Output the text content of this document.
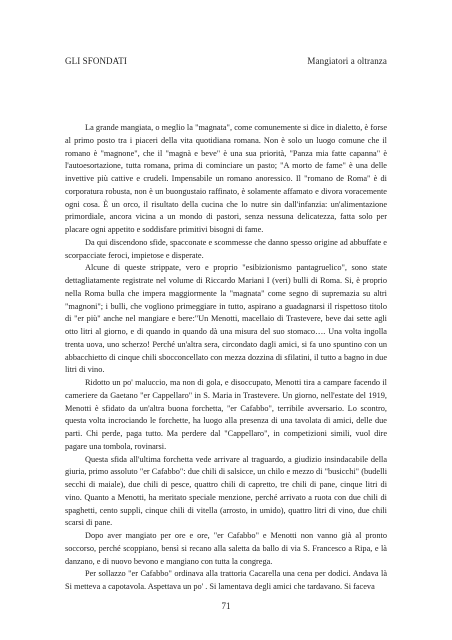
GLI SFONDATI	Mangiatori a oltranza

La grande mangiata, o meglio la "magnata", come comunemente si dice in dialetto, è forse al primo posto tra i piaceri della vita quotidiana romana. Non è solo un luogo comune che il romano è "magnone", che il "magnà e beve" è una sua priorità, "Panza mia fatte capanna" è l'autoesortazione, tutta romana, prima di cominciare un pasto; "A morto de fame" è una delle invettive più cattive e crudeli. Impensabile un romano anoressico. Il "romano de Roma" è di corporatura robusta, non è un buongustaio raffinato, è solamente affamato e divora voracemente ogni cosa. È un orco, il risultato della cucina che lo nutre sin dall'infanzia: un'alimentazione primordiale, ancora vicina a un mondo di pastori, senza nessuna delicatezza, fatta solo per placare ogni appetito e soddisfare primitivi bisogni di fame.

Da qui discendono sfide, spacconate e scommesse che danno spesso origine ad abbuffate e scorpacciate feroci, impietose e disperate.

Alcune di queste strippate, vero e proprio "esibizionismo pantagruelico", sono state dettagliatamente registrate nel volume di Riccardo Mariani I (veri) bulli di Roma. Si, è proprio nella Roma bulla che impera maggiormente la "magnata" come segno di supremazia su altri "magnoni"; i bulli, che vogliono primeggiare in tutto, aspirano a guadagnarsi il rispettoso titolo di "er più" anche nel mangiare e bere:"Un Menotti, macellaio di Trastevere, beve dai sette agli otto litri al giorno, e di quando in quando dà una misura del suo stomaco…. Una volta ingolla trenta uova, uno scherzo! Perché un'altra sera, circondato dagli amici, si fa uno spuntino con un abbacchietto di cinque chili sbocconcellato con mezza dozzina di sfilatini, il tutto a bagno in due litri di vino.

Ridotto un po' maluccio, ma non di gola, e disoccupato, Menotti tira a campare facendo il cameriere da Gaetano "er Cappellaro" in S. Maria in Trastevere. Un giorno, nell'estate del 1919, Menotti è sfidato da un'altra buona forchetta, "er Cafabbo", terribile avversario. Lo scontro, questa volta incrociando le forchette, ha luogo alla presenza di una tavolata di amici, delle due parti. Chi perde, paga tutto. Ma perdere dal "Cappellaro", in competizioni simili, vuol dire pagare una tombola, rovinarsi.

Questa sfida all'ultima forchetta vede arrivare al traguardo, a giudizio insindacabile della giuria, primo assoluto "er Cafabbo": due chili di salsicce, un chilo e mezzo di "busicchi" (budelli secchi di maiale), due chili di pesce, quattro chili di capretto, tre chili di pane, cinque litri di vino. Quanto a Menotti, ha meritato speciale menzione, perché arrivato a ruota con due chili di spaghetti, cento suppli, cinque chili di vitella (arrosto, in umido), quattro litri di vino, due chili scarsi di pane.

Dopo aver mangiato per ore e ore, "er Cafabbo" e Menotti non vanno già al pronto soccorso, perché scoppiano, bensì si recano alla saletta da ballo di via S. Francesco a Ripa, e là danzano, e di nuovo bevono e mangiano con tutta la congrega.

Per sollazzo "er Cafabbo" ordinava alla trattoria Cacarella una cena per dodici. Andava là Si metteva a capotavola. Aspettava un po' . Si lamentava degli amici che tardavano. Si faceva

71
